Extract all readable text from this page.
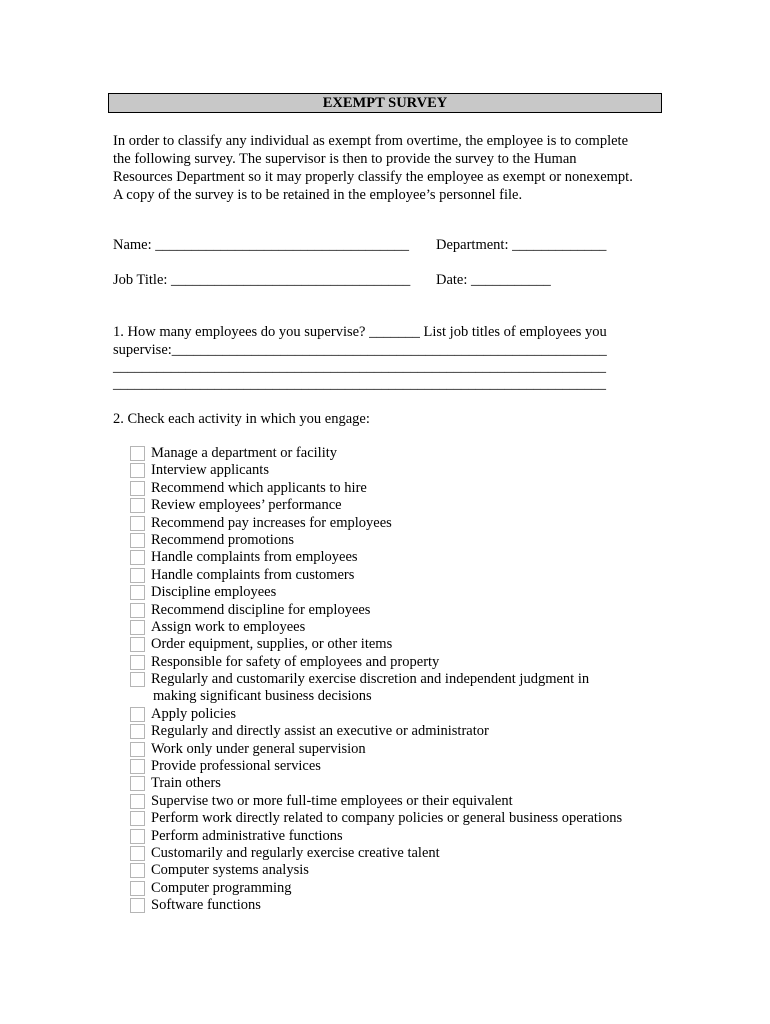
EXEMPT SURVEY
In order to classify any individual as exempt from overtime, the employee is to complete
the following survey. The supervisor is then to provide the survey to the Human
Resources Department so it may properly classify the employee as exempt or nonexempt.
A copy of the survey is to be retained in the employee’s personnel file.
Name: ___________________________________ Department: _____________
Job Title: _________________________________ Date: ___________
1. How many employees do you supervise? _______ List job titles of employees you
supervise:____________________________________________________________
____________________________________________________________________
____________________________________________________________________
2. Check each activity in which you engage:
Manage a department or facility
Interview applicants
Recommend which applicants to hire
Review employees’ performance
Recommend pay increases for employees
Recommend promotions
Handle complaints from employees
Handle complaints from customers
Discipline employees
Recommend discipline for employees
Assign work to employees
Order equipment, supplies, or other items
Responsible for safety of employees and property
Regularly and customarily exercise discretion and independent judgment in
making significant business decisions
Apply policies
Regularly and directly assist an executive or administrator
Work only under general supervision
Provide professional services
Train others
Supervise two or more full-time employees or their equivalent
Perform work directly related to company policies or general business operations
Perform administrative functions
Customarily and regularly exercise creative talent
Computer systems analysis
Computer programming
Software functions
